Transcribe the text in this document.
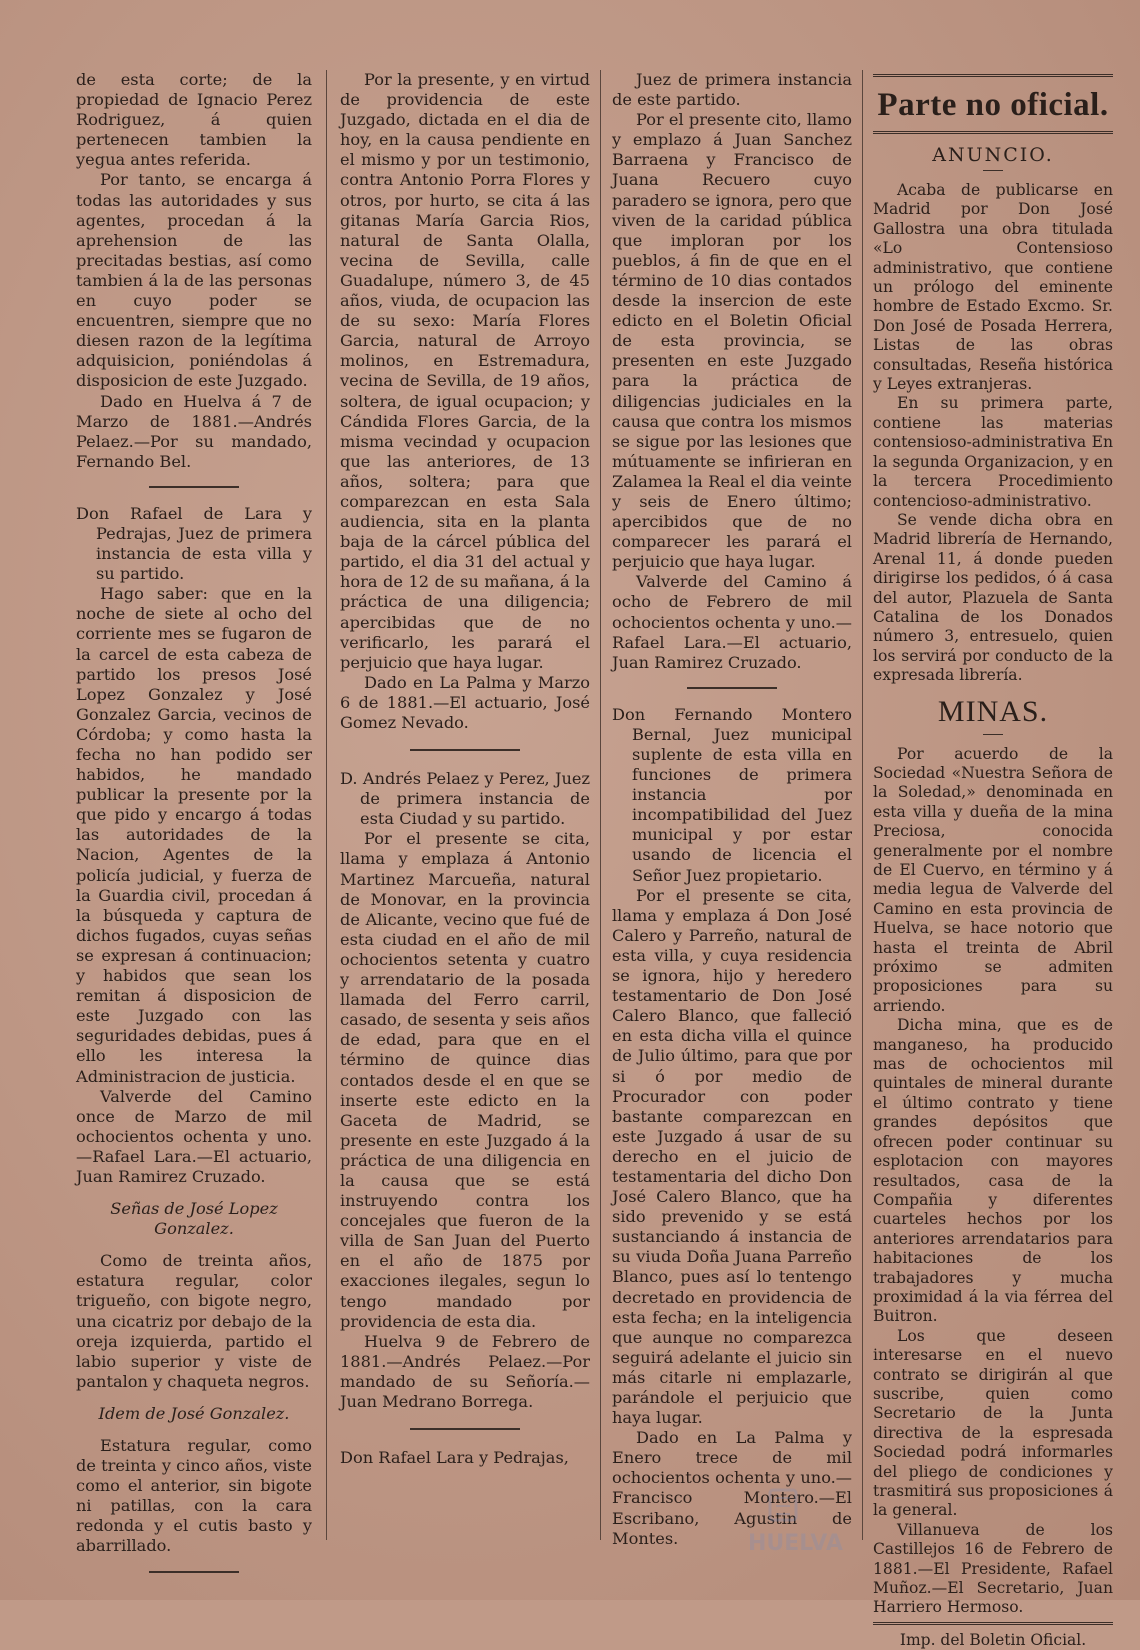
de esta corte; de la propiedad de Ignacio Perez Rodriguez, á quien pertenecen tambien la yegua antes referida.

Por tanto, se encarga á todas las autoridades y sus agentes, procedan á la aprehension de las precitadas bestias, así como tambien á la de las personas en cuyo poder se encuentren, siempre que no diesen razon de la legítima adquisicion, poniéndolas á disposicion de este Juzgado.

Dado en Huelva á 7 de Marzo de 1881.—Andrés Pelaez.—Por su mandado, Fernando Bel.

Don Rafael de Lara y Pedrajas, Juez de primera instancia de esta villa y su partido.

Hago saber: que en la noche de siete al ocho del corriente mes se fugaron de la carcel de esta cabeza de partido los presos José Lopez Gonzalez y José Gonzalez Garcia, vecinos de Córdoba; y como hasta la fecha no han podido ser habidos, he mandado publicar la presente por la que pido y encargo á todas las autoridades de la Nacion, Agentes de la policía judicial, y fuerza de la Guardia civil, procedan á la búsqueda y captura de dichos fugados, cuyas señas se expresan á continuacion; y habidos que sean los remitan á disposicion de este Juzgado con las seguridades debidas, pues á ello les interesa la Administracion de justicia.

Valverde del Camino once de Marzo de mil ochocientos ochenta y uno.—Rafael Lara.—El actuario, Juan Ramirez Cruzado.

Señas de José Lopez Gonzalez.

Como de treinta años, estatura regular, color trigueño, con bigote negro, una cicatriz por debajo de la oreja izquierda, partido el labio superior y viste de pantalon y chaqueta negros.

Idem de José Gonzalez.

Estatura regular, como de treinta y cinco años, viste como el anterior, sin bigote ni patillas, con la cara redonda y el cutis basto y abarrillado.

Por la presente, y en virtud de providencia de este Juzgado, dictada en el dia de hoy, en la causa pendiente en el mismo y por un testimonio, contra Antonio Porra Flores y otros, por hurto, se cita á las gitanas María Garcia Rios, natural de Santa Olalla, vecina de Sevilla, calle Guadalupe, número 3, de 45 años, viuda, de ocupacion las de su sexo: María Flores Garcia, natural de Arroyo molinos, en Estremadura, vecina de Sevilla, de 19 años, soltera, de igual ocupacion; y Cándida Flores Garcia, de la misma vecindad y ocupacion que las anteriores, de 13 años, soltera; para que comparezcan en esta Sala audiencia, sita en la planta baja de la cárcel pública del partido, el dia 31 del actual y hora de 12 de su mañana, á la práctica de una diligencia; apercibidas que de no verificarlo, les parará el perjuicio que haya lugar.

Dado en La Palma y Marzo 6 de 1881.—El actuario, José Gomez Nevado.

D. Andrés Pelaez y Perez, Juez de primera instancia de esta Ciudad y su partido.

Por el presente se cita, llama y emplaza á Antonio Martinez Marcueña, natural de Monovar, en la provincia de Alicante, vecino que fué de esta ciudad en el año de mil ochocientos setenta y cuatro y arrendatario de la posada llamada del Ferro carril, casado, de sesenta y seis años de edad, para que en el término de quince dias contados desde el en que se inserte este edicto en la Gaceta de Madrid, se presente en este Juzgado á la práctica de una diligencia en la causa que se está instruyendo contra los concejales que fueron de la villa de San Juan del Puerto en el año de 1875 por exacciones ilegales, segun lo tengo mandado por providencia de esta dia.

Huelva 9 de Febrero de 1881.—Andrés Pelaez.—Por mandado de su Señoría.—Juan Medrano Borrega.

Don Rafael Lara y Pedrajas,

Juez de primera instancia de este partido.

Por el presente cito, llamo y emplazo á Juan Sanchez Barraena y Francisco de Juana Recuero cuyo paradero se ignora, pero que viven de la caridad pública que imploran por los pueblos, á fin de que en el término de 10 dias contados desde la insercion de este edicto en el Boletin Oficial de esta provincia, se presenten en este Juzgado para la práctica de diligencias judiciales en la causa que contra los mismos se sigue por las lesiones que mútuamente se infirieran en Zalamea la Real el dia veinte y seis de Enero último; apercibidos que de no comparecer les parará el perjuicio que haya lugar.

Valverde del Camino á ocho de Febrero de mil ochocientos ochenta y uno.—Rafael Lara.—El actuario, Juan Ramirez Cruzado.

Don Fernando Montero Bernal, Juez municipal suplente de esta villa en funciones de primera instancia por incompatibilidad del Juez municipal y por estar usando de licencia el Señor Juez propietario.

Por el presente se cita, llama y emplaza á Don José Calero y Parreño, natural de esta villa, y cuya residencia se ignora, hijo y heredero testamentario de Don José Calero Blanco, que falleció en esta dicha villa el quince de Julio último, para que por si ó por medio de Procurador con poder bastante comparezcan en este Juzgado á usar de su derecho en el juicio de testamentaria del dicho Don José Calero Blanco, que ha sido prevenido y se está sustanciando á instancia de su viuda Doña Juana Parreño Blanco, pues así lo tentengo decretado en providencia de esta fecha; en la inteligencia que aunque no comparezca seguirá adelante el juicio sin más citarle ni emplazarle, parándole el perjuicio que haya lugar.

Dado en La Palma y Enero trece de mil ochocientos ochenta y uno.—Francisco Montero.—El Escribano, Agustin de Montes.

Parte no oficial.
ANUNCIO.

Acaba de publicarse en Madrid por Don José Gallostra una obra titulada «Lo Contensioso administrativo, que contiene un prólogo del eminente hombre de Estado Excmo. Sr. Don José de Posada Herrera, Listas de las obras consultadas, Reseña histórica y Leyes extranjeras.

En su primera parte, contiene las materias contensioso-administrativa En la segunda Organizacion, y en la tercera Procedimiento contencioso-administrativo.

Se vende dicha obra en Madrid librería de Hernando, Arenal 11, á donde pueden dirigirse los pedidos, ó á casa del autor, Plazuela de Santa Catalina de los Donados número 3, entresuelo, quien los servirá por conducto de la expresada librería.

MINAS.

Por acuerdo de la Sociedad «Nuestra Señora de la Soledad,» denominada en esta villa y dueña de la mina Preciosa, conocida generalmente por el nombre de El Cuervo, en término y á media legua de Valverde del Camino en esta provincia de Huelva, se hace notorio que hasta el treinta de Abril próximo se admiten proposiciones para su arriendo.

Dicha mina, que es de manganeso, ha producido mas de ochocientos mil quintales de mineral durante el último contrato y tiene grandes depósitos que ofrecen poder continuar su esplotacion con mayores resultados, casa de la Compañia y diferentes cuarteles hechos por los anteriores arrendatarios para habitaciones de los trabajadores y mucha proximidad á la via férrea del Buitron.

Los que deseen interesarse en el nuevo contrato se dirigirán al que suscribe, quien como Secretario de la Junta directiva de la espresada Sociedad podrá informarles del pliego de condiciones y trasmitirá sus proposiciones á la general.

Villanueva de los Castillejos 16 de Febrero de 1881.—El Presidente, Rafael Muñoz.—El Secretario, Juan Harriero Hermoso.

Imp. del Boletin Oficial.
HUELVA
